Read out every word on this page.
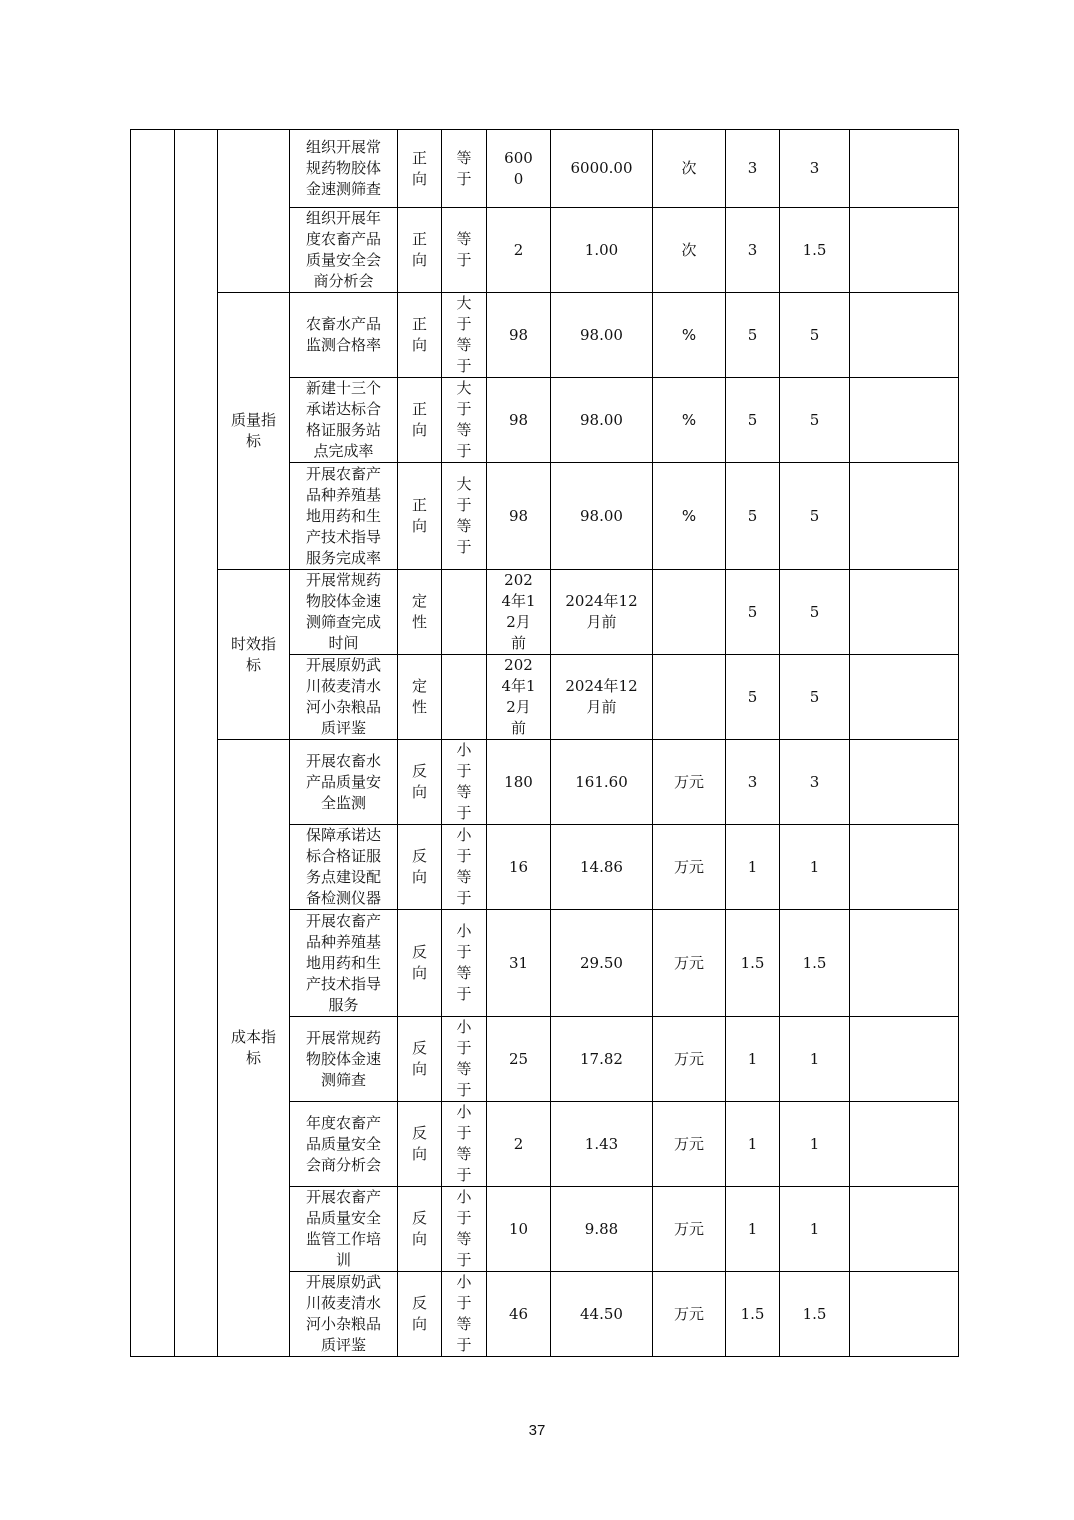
			组织开展常规药物胶体金速测筛查	正向	等于	6000	6000.00	次	3	3	

			组织开展年度农畜产品质量安全会商分析会	正向	等于	2	1.00	次	3	1.5	

		质量指标	农畜水产品监测合格率	正向	大于等于	98	98.00	%	5	5	

			新建十三个承诺达标合格证服务站点完成率	正向	大于等于	98	98.00	%	5	5	

			开展农畜产品种养殖基地用药和生产技术指导服务完成率	正向	大于等于	98	98.00	%	5	5	

		时效指标	开展常规药物胶体金速测筛查完成时间	定性		2024年12月前	2024年12月前		5	5	

			开展原奶武川莜麦清水河小杂粮品质评鉴	定性		2024年12月前	2024年12月前		5	5	

		成本指标	开展农畜水产品质量安全监测	反向	小于等于	180	161.60	万元	3	3	

			保障承诺达标合格证服务点建设配备检测仪器	反向	小于等于	16	14.86	万元	1	1	

			开展农畜产品种养殖基地用药和生产技术指导服务	反向	小于等于	31	29.50	万元	1.5	1.5	

			开展常规药物胶体金速测筛查	反向	小于等于	25	17.82	万元	1	1	

			年度农畜产品质量安全会商分析会	反向	小于等于	2	1.43	万元	1	1	

			开展农畜产品质量安全监管工作培训	反向	小于等于	10	9.88	万元	1	1	

			开展原奶武川莜麦清水河小杂粮品质评鉴	反向	小于等于	46	44.50	万元	1.5	1.5	

37
